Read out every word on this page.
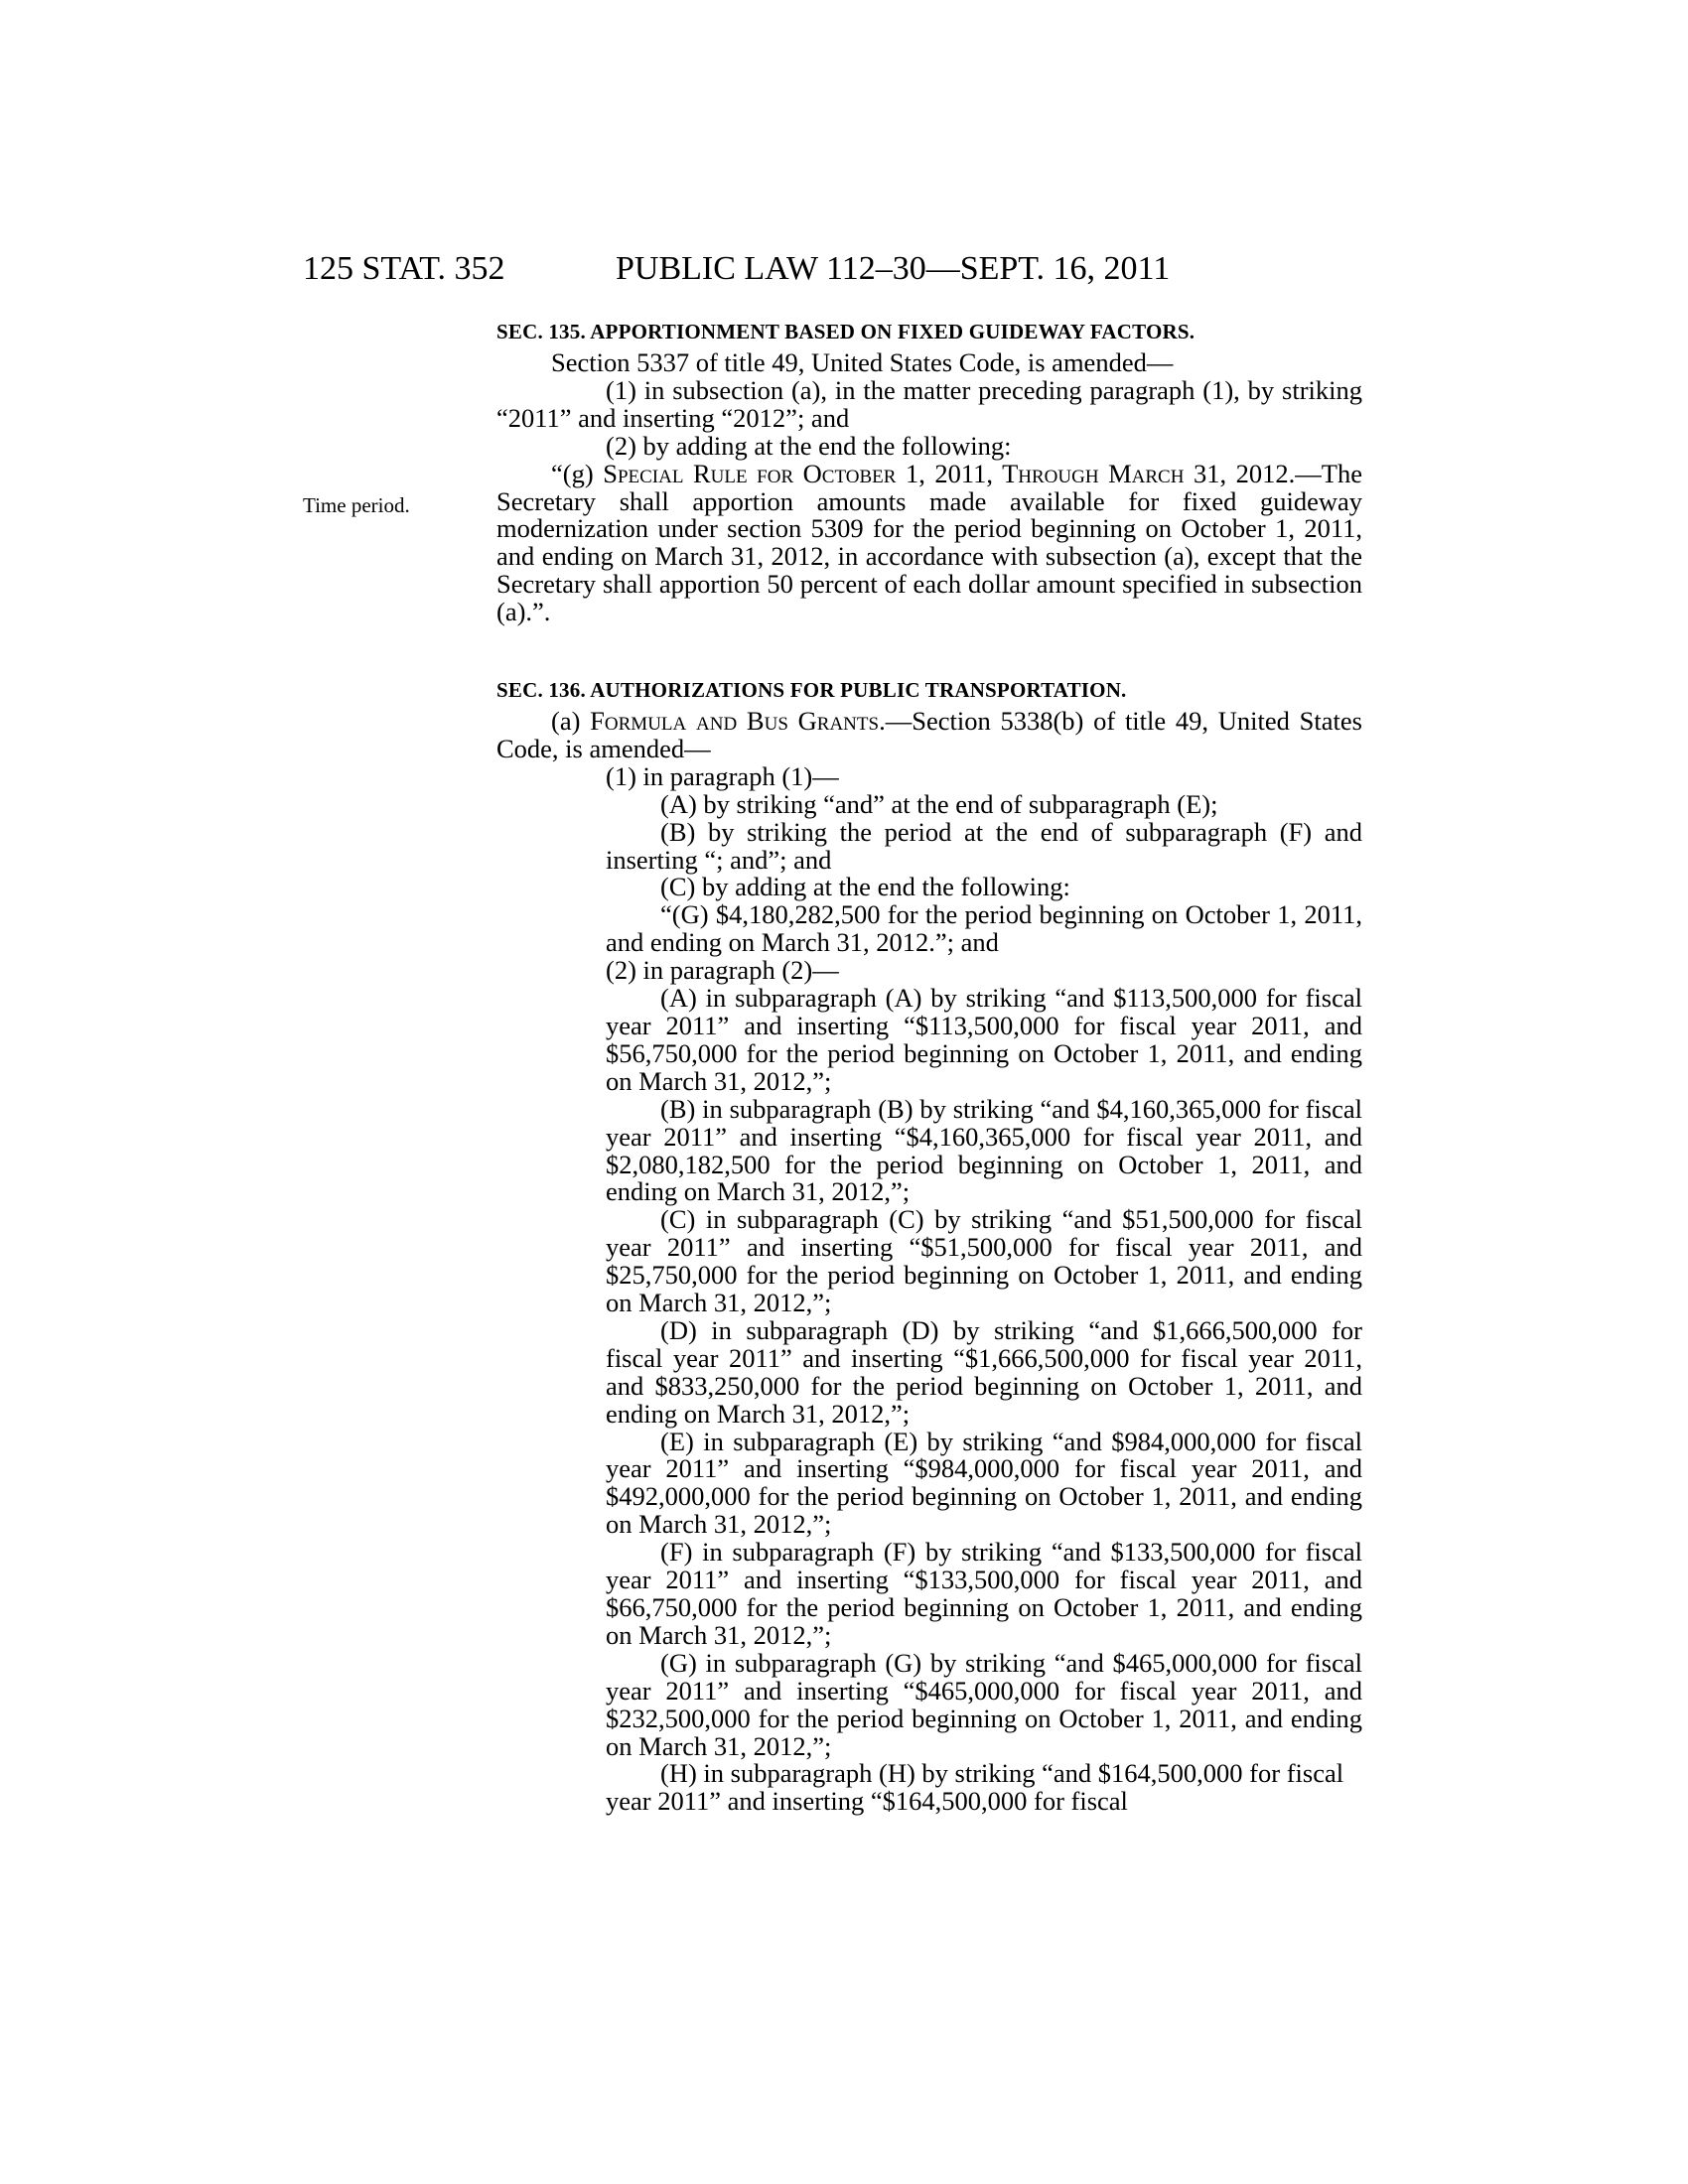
125 STAT. 352	PUBLIC LAW 112–30—SEPT. 16, 2011
Time period.
SEC. 135. APPORTIONMENT BASED ON FIXED GUIDEWAY FACTORS.

Section 5337 of title 49, United States Code, is amended—

(1) in subsection (a), in the matter preceding paragraph (1), by striking “2011” and inserting “2012”; and

(2) by adding at the end the following:

“(g) Special Rule for October 1, 2011, Through March 31, 2012.—The Secretary shall apportion amounts made available for fixed guideway modernization under section 5309 for the period beginning on October 1, 2011, and ending on March 31, 2012, in accordance with subsection (a), except that the Secretary shall apportion 50 percent of each dollar amount specified in subsection (a).”.

SEC. 136. AUTHORIZATIONS FOR PUBLIC TRANSPORTATION.

(a) Formula and Bus Grants.—Section 5338(b) of title 49, United States Code, is amended—

(1) in paragraph (1)—

(A) by striking “and” at the end of subparagraph (E);

(B) by striking the period at the end of subparagraph (F) and inserting “; and”; and

(C) by adding at the end the following:

“(G) $4,180,282,500 for the period beginning on October 1, 2011, and ending on March 31, 2012.”; and

(2) in paragraph (2)—

(A) in subparagraph (A) by striking “and $113,500,000 for fiscal year 2011” and inserting “$113,500,000 for fiscal year 2011, and $56,750,000 for the period beginning on October 1, 2011, and ending on March 31, 2012,”;

(B) in subparagraph (B) by striking “and $4,160,365,000 for fiscal year 2011” and inserting “$4,160,365,000 for fiscal year 2011, and $2,080,182,500 for the period beginning on October 1, 2011, and ending on March 31, 2012,”;

(C) in subparagraph (C) by striking “and $51,500,000 for fiscal year 2011” and inserting “$51,500,000 for fiscal year 2011, and $25,750,000 for the period beginning on October 1, 2011, and ending on March 31, 2012,”;

(D) in subparagraph (D) by striking “and $1,666,500,000 for fiscal year 2011” and inserting “$1,666,500,000 for fiscal year 2011, and $833,250,000 for the period beginning on October 1, 2011, and ending on March 31, 2012,”;

(E) in subparagraph (E) by striking “and $984,000,000 for fiscal year 2011” and inserting “$984,000,000 for fiscal year 2011, and $492,000,000 for the period beginning on October 1, 2011, and ending on March 31, 2012,”;

(F) in subparagraph (F) by striking “and $133,500,000 for fiscal year 2011” and inserting “$133,500,000 for fiscal year 2011, and $66,750,000 for the period beginning on October 1, 2011, and ending on March 31, 2012,”;

(G) in subparagraph (G) by striking “and $465,000,000 for fiscal year 2011” and inserting “$465,000,000 for fiscal year 2011, and $232,500,000 for the period beginning on October 1, 2011, and ending on March 31, 2012,”;

(H) in subparagraph (H) by striking “and $164,500,000 for fiscal year 2011” and inserting “$164,500,000 for fiscal
